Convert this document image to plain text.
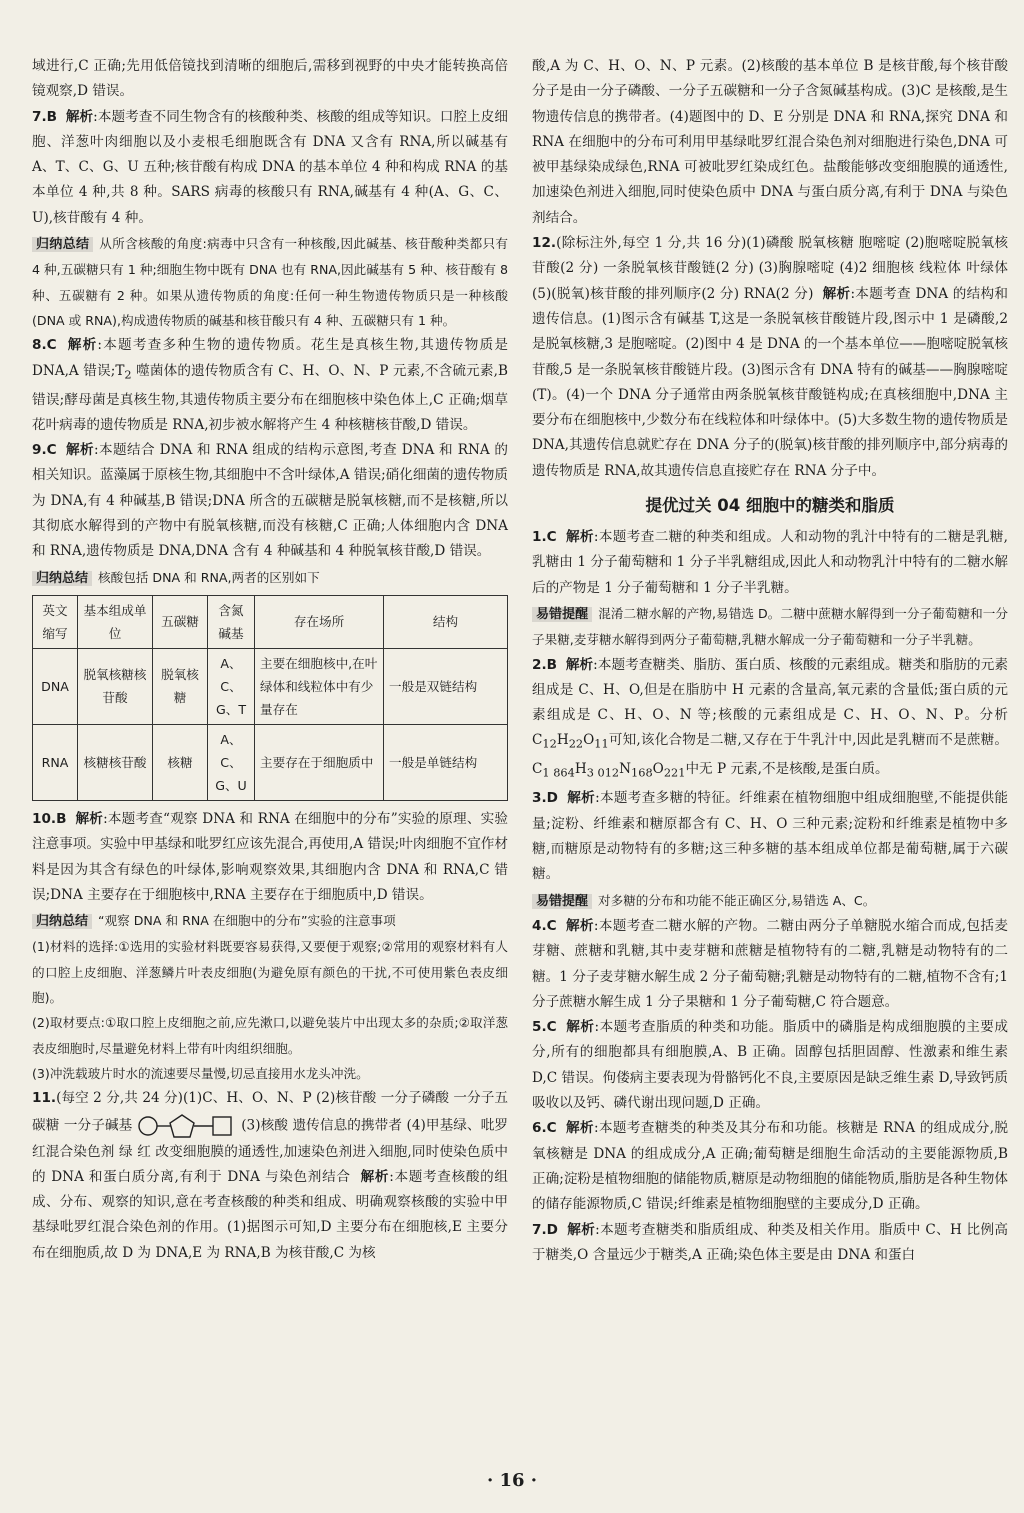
域进行,C 正确;先用低倍镜找到清晰的细胞后,需移到视野的中央才能转换高倍镜观察,D 错误。

7.B 解析:本题考查不同生物含有的核酸种类、核酸的组成等知识。口腔上皮细胞、洋葱叶肉细胞以及小麦根毛细胞既含有 DNA 又含有 RNA,所以碱基有 A、T、C、G、U 五种;核苷酸有构成 DNA 的基本单位 4 种和构成 RNA 的基本单位 4 种,共 8 种。SARS 病毒的核酸只有 RNA,碱基有 4 种(A、G、C、U),核苷酸有 4 种。

归纳总结 从所含核酸的角度:病毒中只含有一种核酸,因此碱基、核苷酸种类都只有 4 种,五碳糖只有 1 种;细胞生物中既有 DNA 也有 RNA,因此碱基有 5 种、核苷酸有 8 种、五碳糖有 2 种。如果从遗传物质的角度:任何一种生物遗传物质只是一种核酸(DNA 或 RNA),构成遗传物质的碱基和核苷酸只有 4 种、五碳糖只有 1 种。

8.C 解析:本题考查多种生物的遗传物质。花生是真核生物,其遗传物质是 DNA,A 错误$;T_2$ 噬菌体的遗传物质含有 C、H、O、N、P 元素,不含硫元素,B 错误;酵母菌是真核生物,其遗传物质主要分布在细胞核中染色体上,C 正确;烟草花叶病毒的遗传物质是 RNA,初步被水解将产生 4 种核糖核苷酸,D 错误。

9.C 解析:本题结合 DNA 和 RNA 组成的结构示意图,考查 DNA 和 RNA 的相关知识。蓝藻属于原核生物,其细胞中不含叶绿体,A 错误;硝化细菌的遗传物质为 DNA,有 4 种碱基,B 错误;DNA 所含的五碳糖是脱氧核糖,而不是核糖,所以其彻底水解得到的产物中有脱氧核糖,而没有核糖,C 正确;人体细胞内含 DNA 和 RNA,遗传物质是 DNA,DNA 含有 4 种碱基和 4 种脱氧核苷酸,D 错误。

归纳总结 核酸包括 DNA 和 RNA,两者的区别如下

英文缩写	基本组成单位	五碳糖	含氮碱基	存在场所	结构
DNA	脱氧核糖核苷酸	脱氧核糖	A、C、G、T	主要在细胞核中,在叶绿体和线粒体中有少量存在	一般是双链结构
RNA	核糖核苷酸	核糖	A、C、G、U	主要存在于细胞质中	一般是单链结构

10.B 解析:本题考查“观察 DNA 和 RNA 在细胞中的分布”实验的原理、实验注意事项。实验中甲基绿和吡罗红应该先混合,再使用,A 错误;叶肉细胞不宜作材料是因为其含有绿色的叶绿体,影响观察效果,其细胞内含 DNA 和 RNA,C 错误;DNA 主要存在于细胞核中,RNA 主要存在于细胞质中,D 错误。

归纳总结 “观察 DNA 和 RNA 在细胞中的分布”实验的注意事项

(1)材料的选择:①选用的实验材料既要容易获得,又要便于观察;②常用的观察材料有人的口腔上皮细胞、洋葱鳞片叶表皮细胞(为避免原有颜色的干扰,不可使用紫色表皮细胞)。

(2)取材要点:①取口腔上皮细胞之前,应先漱口,以避免装片中出现太多的杂质;②取洋葱表皮细胞时,尽量避免材料上带有叶肉组织细胞。

(3)冲洗载玻片时水的流速要尽量慢,切忌直接用水龙头冲洗。

11.(每空 2 分,共 24 分)(1)C、H、O、N、P (2)核苷酸 一分子磷酸 一分子五碳糖 一分子碱基	(3)核酸 遗传信息的携带者 (4)甲基绿、吡罗红混合染色剂 绿 红 改变细胞膜的通透性,加速染色剂进入细胞,同时使染色质中的 DNA 和蛋白质分离,有利于 DNA 与染色剂结合 解析:本题考查核酸的组成、分布、观察的知识,意在考查核酸的种类和组成、明确观察核酸的实验中甲基绿吡罗红混合染色剂的作用。(1)据图示可知,D 主要分布在细胞核,E 主要分布在细胞质,故 D 为 DNA,E 为 RNA,B 为核苷酸,C 为核

酸,A 为 C、H、O、N、P 元素。(2)核酸的基本单位 B 是核苷酸,每个核苷酸分子是由一分子磷酸、一分子五碳糖和一分子含氮碱基构成。(3)C 是核酸,是生物遗传信息的携带者。(4)题图中的 D、E 分别是 DNA 和 RNA,探究 DNA 和 RNA 在细胞中的分布可利用甲基绿吡罗红混合染色剂对细胞进行染色,DNA 可被甲基绿染成绿色,RNA 可被吡罗红染成红色。盐酸能够改变细胞膜的通透性,加速染色剂进入细胞,同时使染色质中 DNA 与蛋白质分离,有利于 DNA 与染色剂结合。

12.(除标注外,每空 1 分,共 16 分)(1)磷酸 脱氧核糖 胞嘧啶 (2)胞嘧啶脱氧核苷酸(2 分) 一条脱氧核苷酸链(2 分) (3)胸腺嘧啶 (4)2 细胞核 线粒体 叶绿体 (5)(脱氧)核苷酸的排列顺序(2 分) RNA(2 分) 解析:本题考查 DNA 的结构和遗传信息。(1)图示含有碱基 T,这是一条脱氧核苷酸链片段,图示中 1 是磷酸,2 是脱氧核糖,3 是胞嘧啶。(2)图中 4 是 DNA 的一个基本单位——胞嘧啶脱氧核苷酸,5 是一条脱氧核苷酸链片段。(3)图示含有 DNA 特有的碱基——胸腺嘧啶(T)。(4)一个 DNA 分子通常由两条脱氧核苷酸链构成;在真核细胞中,DNA 主要分布在细胞核中,少数分布在线粒体和叶绿体中。(5)大多数生物的遗传物质是 DNA,其遗传信息就贮存在 DNA 分子的(脱氧)核苷酸的排列顺序中,部分病毒的遗传物质是 RNA,故其遗传信息直接贮存在 RNA 分子中。

提优过关 04 细胞中的糖类和脂质

1.C 解析:本题考查二糖的种类和组成。人和动物的乳汁中特有的二糖是乳糖,乳糖由 1 分子葡萄糖和 1 分子半乳糖组成,因此人和动物乳汁中特有的二糖水解后的产物是 1 分子葡萄糖和 1 分子半乳糖。

易错提醒 混淆二糖水解的产物,易错选 D。二糖中蔗糖水解得到一分子葡萄糖和一分子果糖,麦芽糖水解得到两分子葡萄糖,乳糖水解成一分子葡萄糖和一分子半乳糖。

2.B 解析:本题考查糖类、脂肪、蛋白质、核酸的元素组成。糖类和脂肪的元素组成是 C、H、O,但是在脂肪中 H 元素的含量高,氧元素的含量低;蛋白质的元素组成是 C、H、O、N 等;核酸的元素组成是 C、H、O、N、P。分析 $C_{12}H_{22}O_{11}$可知,该化合物是二糖,又存在于牛乳汁中,因此是乳糖而不是蔗糖。$C_{1 864}H_{3 012}N_{168}O_{221}$中无 P 元素,不是核酸,是蛋白质。

3.D 解析:本题考查多糖的特征。纤维素在植物细胞中组成细胞壁,不能提供能量;淀粉、纤维素和糖原都含有 C、H、O 三种元素;淀粉和纤维素是植物中多糖,而糖原是动物特有的多糖;这三种多糖的基本组成单位都是葡萄糖,属于六碳糖。

易错提醒 对多糖的分布和功能不能正确区分,易错选 A、C。

4.C 解析:本题考查二糖水解的产物。二糖由两分子单糖脱水缩合而成,包括麦芽糖、蔗糖和乳糖,其中麦芽糖和蔗糖是植物特有的二糖,乳糖是动物特有的二糖。1 分子麦芽糖水解生成 2 分子葡萄糖;乳糖是动物特有的二糖,植物不含有;1 分子蔗糖水解生成 1 分子果糖和 1 分子葡萄糖,C 符合题意。

5.C 解析:本题考查脂质的种类和功能。脂质中的磷脂是构成细胞膜的主要成分,所有的细胞都具有细胞膜,A、B 正确。固醇包括胆固醇、性激素和维生素 D,C 错误。佝偻病主要表现为骨骼钙化不良,主要原因是缺乏维生素 D,导致钙质吸收以及钙、磷代谢出现问题,D 正确。

6.C 解析:本题考查糖类的种类及其分布和功能。核糖是 RNA 的组成成分,脱氧核糖是 DNA 的组成成分,A 正确;葡萄糖是细胞生命活动的主要能源物质,B 正确;淀粉是植物细胞的储能物质,糖原是动物细胞的储能物质,脂肪是各种生物体的储存能源物质,C 错误;纤维素是植物细胞壁的主要成分,D 正确。

7.D 解析:本题考查糖类和脂质组成、种类及相关作用。脂质中 C、H 比例高于糖类,O 含量远少于糖类,A 正确;染色体主要是由 DNA 和蛋白

· 16 ·
